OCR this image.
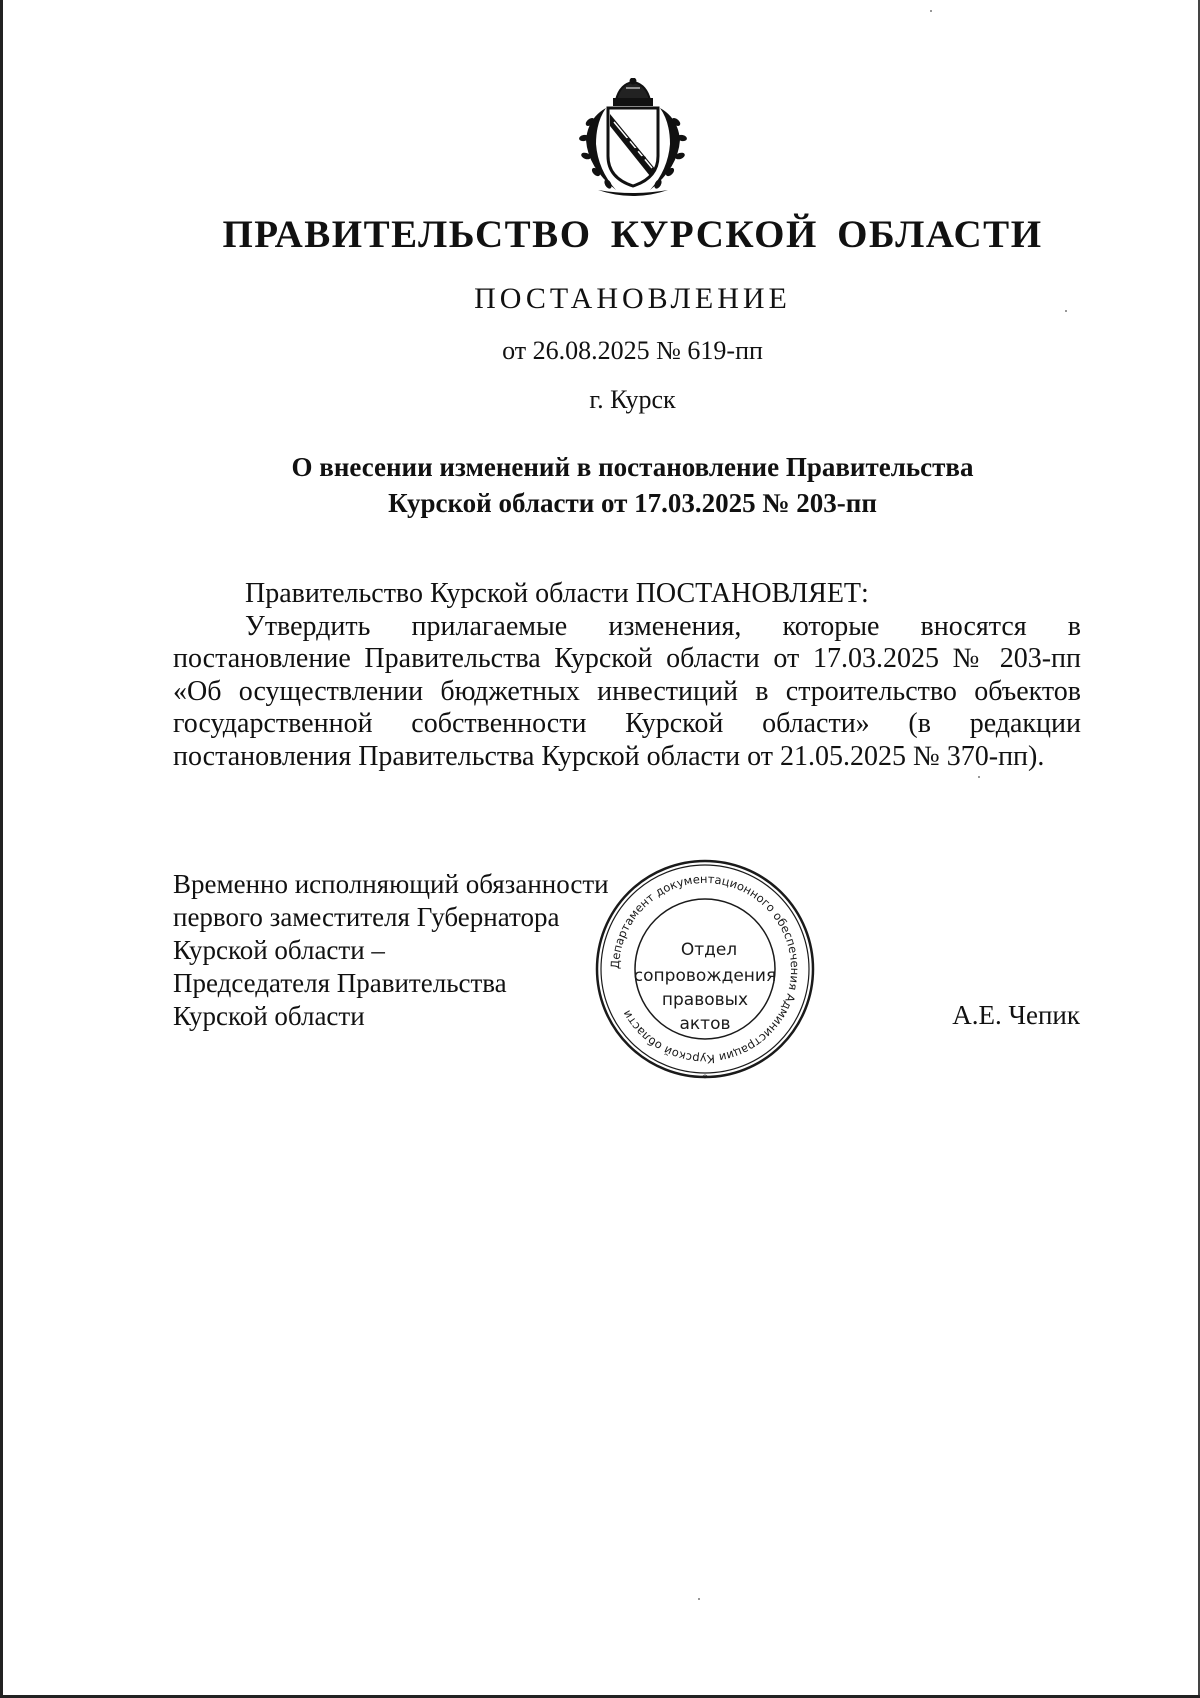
ПРАВИТЕЛЬСТВО КУРСКОЙ ОБЛАСТИ
ПОСТАНОВЛЕНИЕ
от 26.08.2025 № 619-пп
г. Курск
О внесении изменений в постановление Правительства
Курской области от 17.03.2025 № 203-пп

Правительство Курской области ПОСТАНОВЛЯЕТ:

Утвердить прилагаемые изменения, которые вносятся в постановление Правительства Курской области от 17.03.2025 № 203-пп «Об осуществлении бюджетных инвестиций в строительство объектов государственной собственности Курской области» (в редакции постановления Правительства Курской области от 21.05.2025 № 370-пп).

Временно исполняющий обязанности
первого заместителя Губернатора
Курской области –
Председателя Правительства
Курской области
Департамент документационного обеспечения Администрации Курской области
*
Отдел
сопровождения
правовых
актов	А.Е. Чепик
